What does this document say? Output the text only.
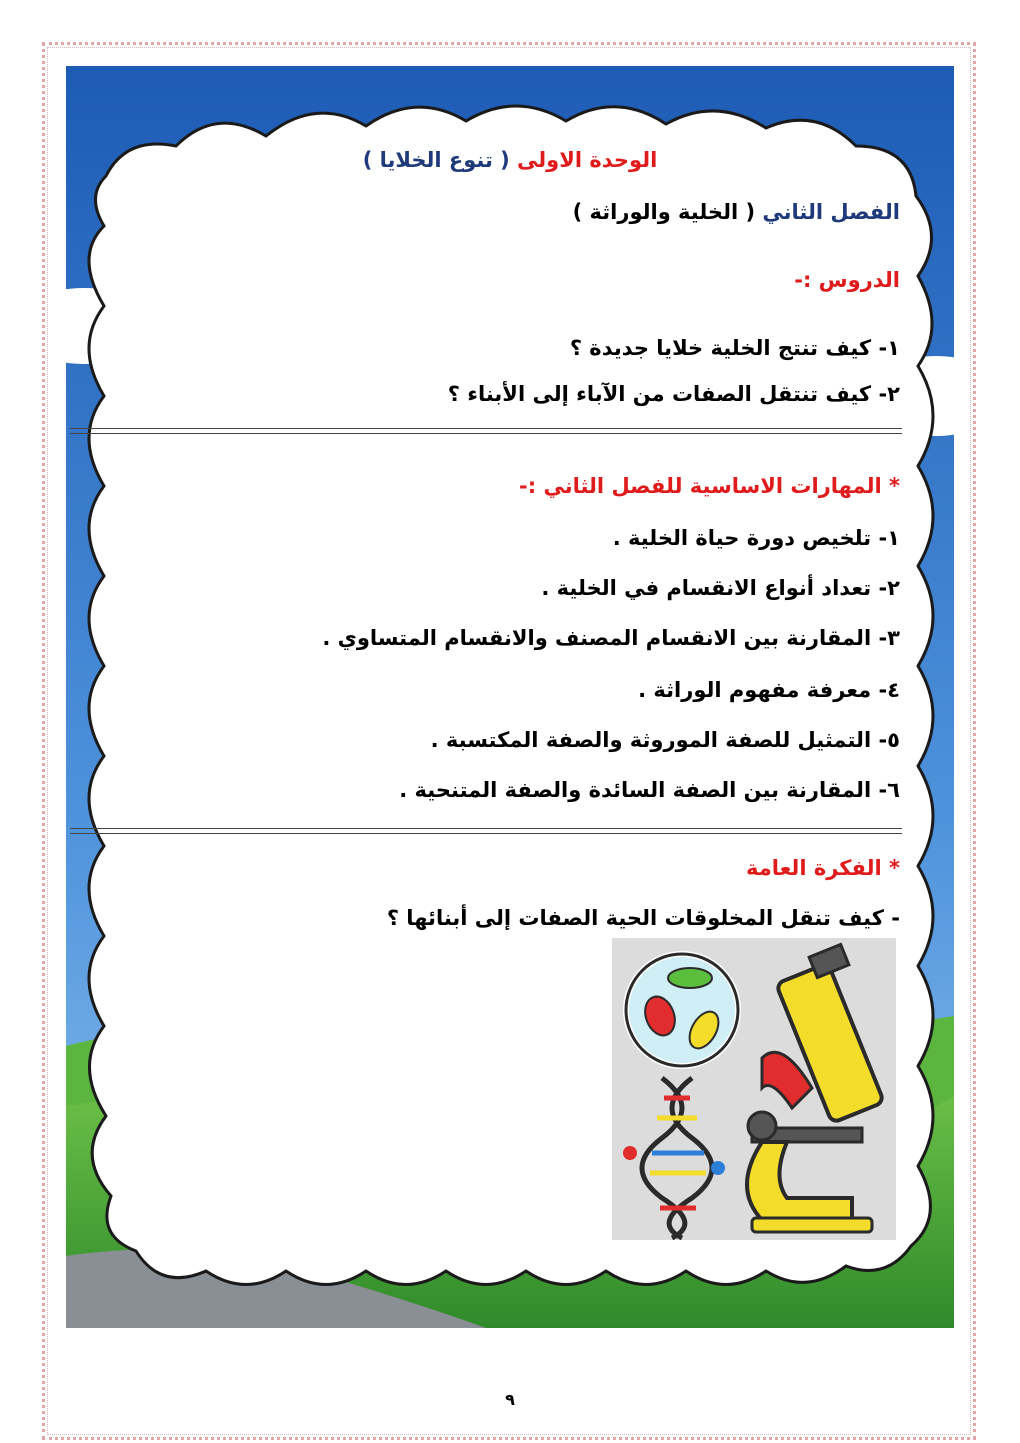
الوحدة الاولى ( تنوع الخلايا )
الفصل الثاني ( الخلية والوراثة )
الدروس :-
١- كيف تنتج الخلية خلايا جديدة ؟
٢- كيف تنتقل الصفات من الآباء إلى الأبناء ؟
* المهارات الاساسية للفصل الثاني :-
١- تلخيص دورة حياة الخلية .
٢- تعداد أنواع الانقسام في الخلية .
٣- المقارنة بين الانقسام المصنف والانقسام المتساوي .
٤- معرفة مفهوم الوراثة .
٥- التمثيل للصفة الموروثة والصفة المكتسبة .
٦- المقارنة بين الصفة السائدة والصفة المتنحية .
* الفكرة العامة
- كيف تنقل المخلوقات الحية الصفات إلى أبنائها ؟
٩
